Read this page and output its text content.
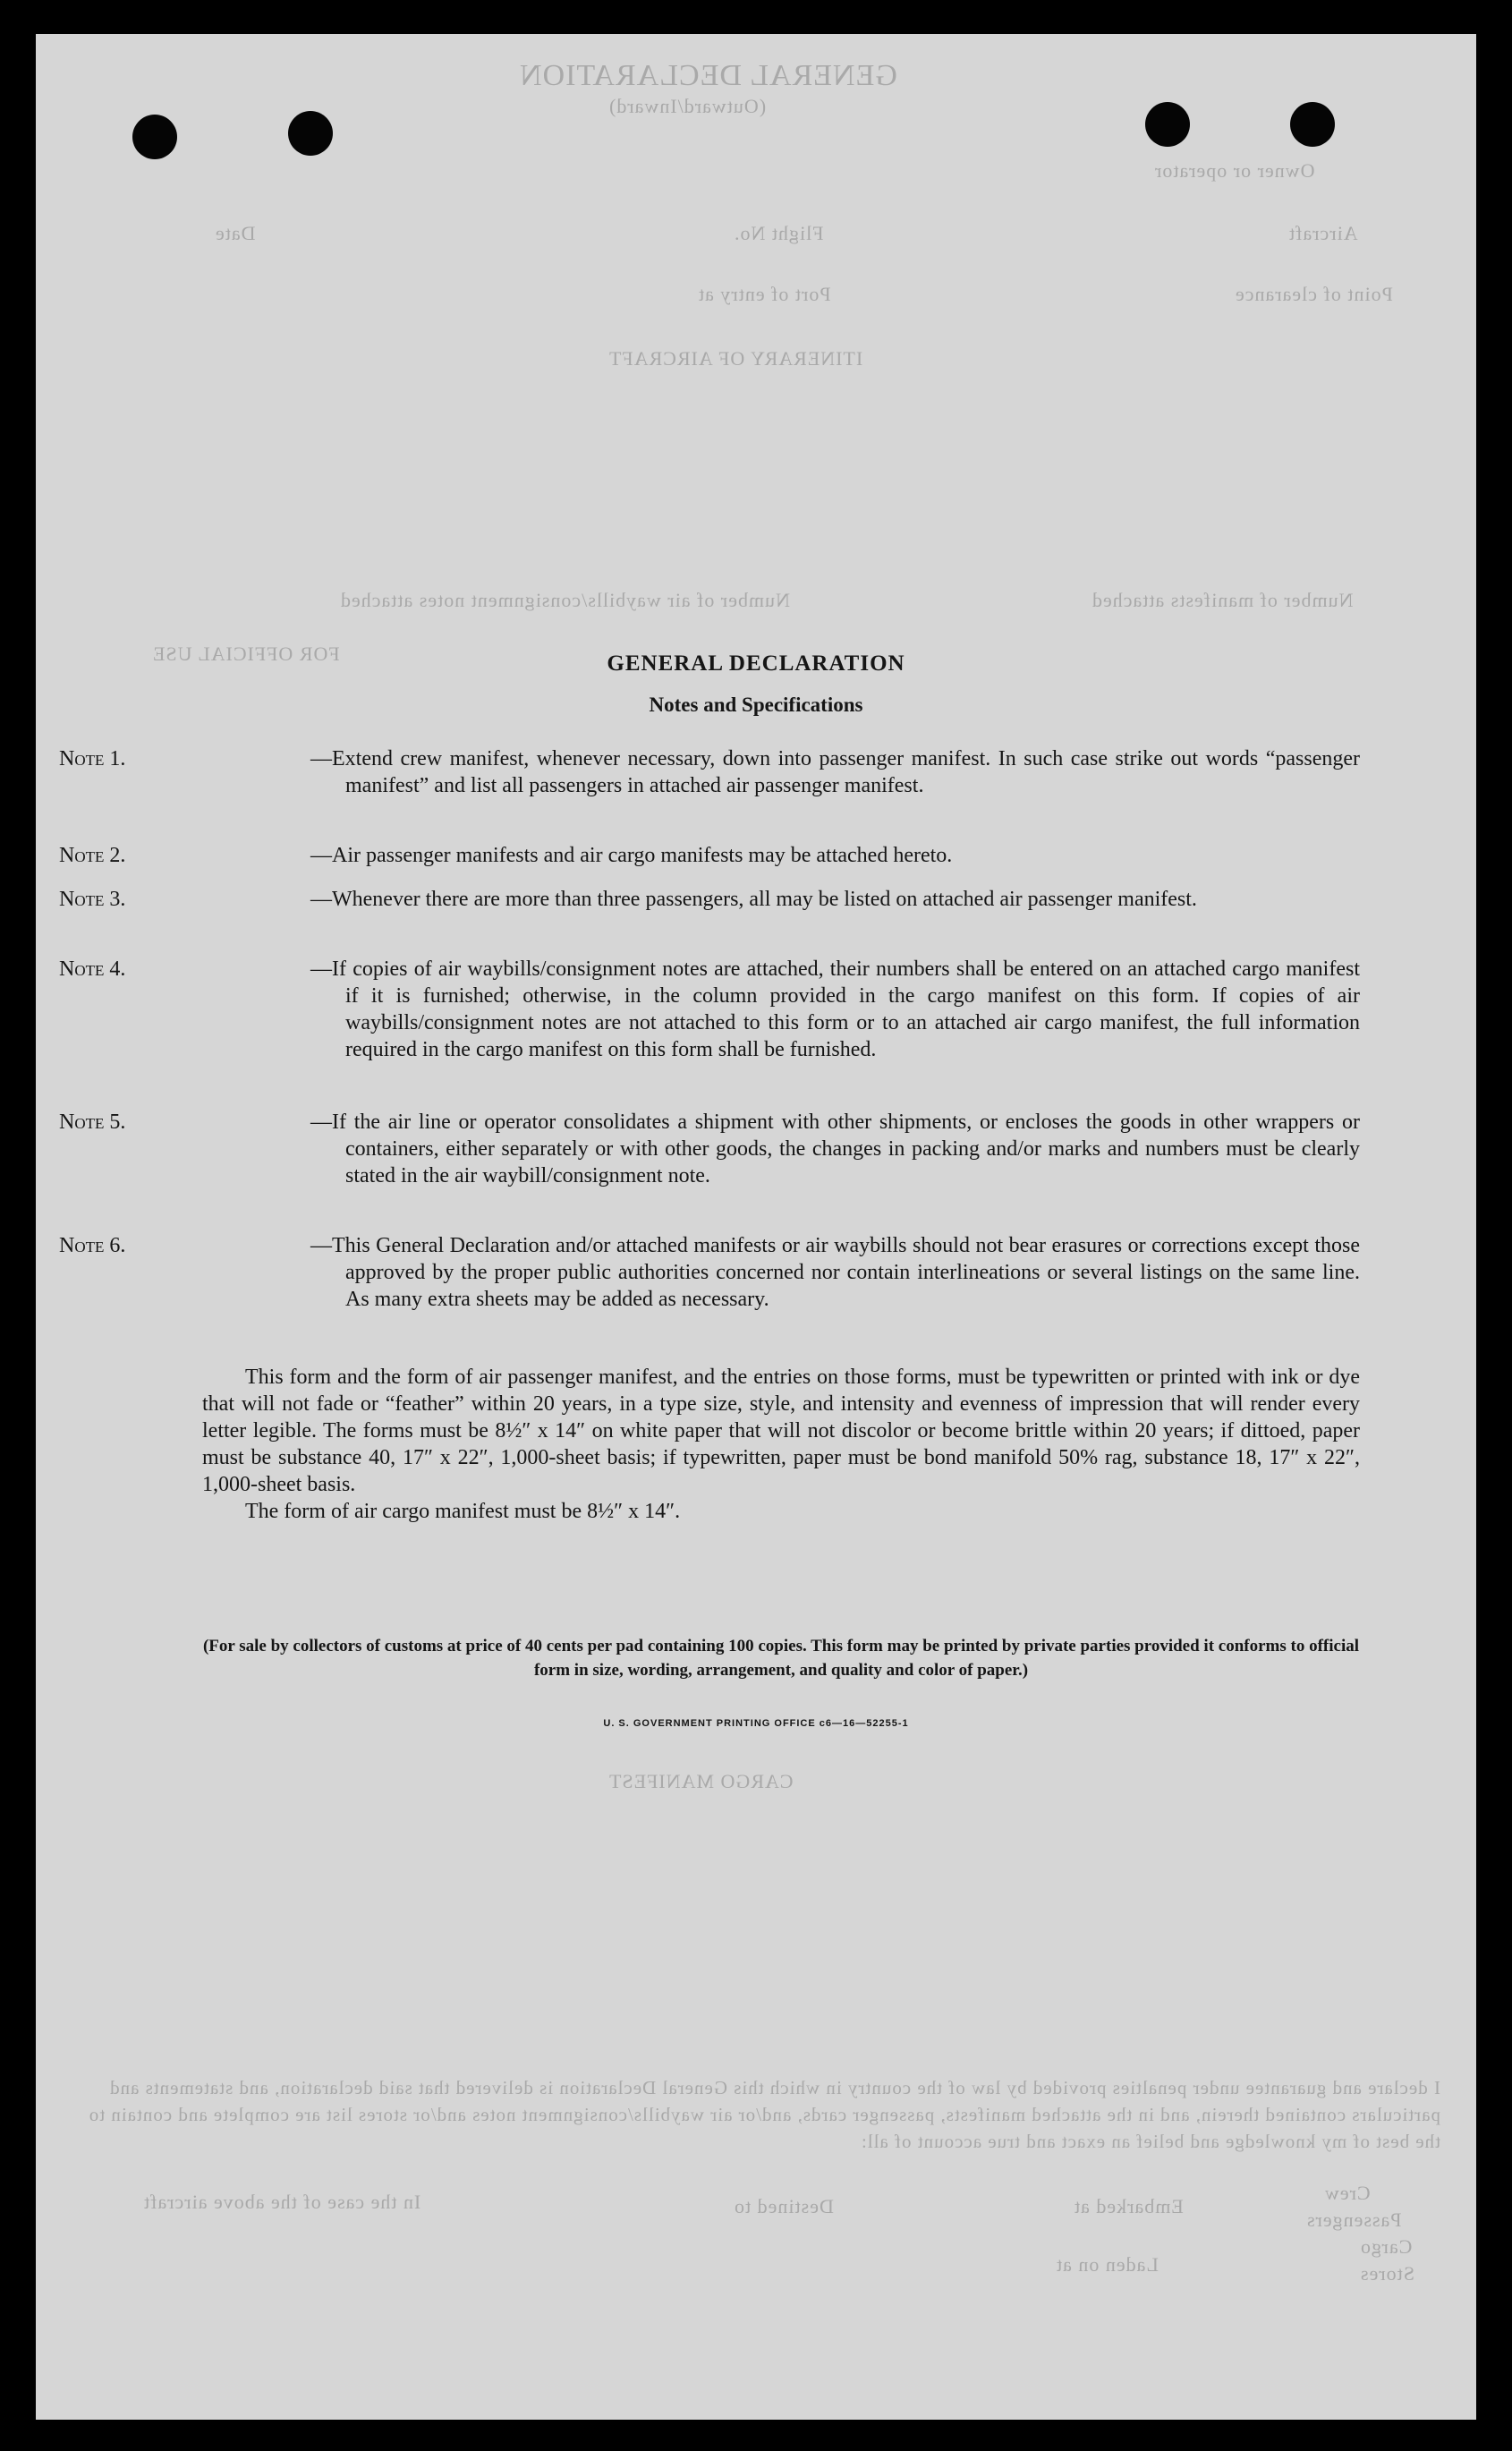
GENERAL DECLARATION
(Outward/Inward)
Owner or operator
Aircraft
Flight No.
Date
Point of clearance
Port of entry at
ITINERARY OF AIRCRAFT
Number of manifests attached
Number of air waybills/consignment notes attached
FOR OFFICIAL USE
CARGO MANIFEST
I declare and guarantee under penalties provided by law of the country in which this General Declaration is delivered that said declaration, and statements and particulars contained therein, and in the attached manifests, passenger cards, and/or air waybills/consignment notes and/or stores list are complete and contain to the best of my knowledge and belief an exact and true account of all:
Crew
Passengers
Cargo
Stores
Embarked at
Destined to
Laden on at
In the case of the above aircraft
GENERAL DECLARATION
Notes and Specifications
Note 1.	—Extend crew manifest, whenever necessary, down into passenger manifest. In such case strike out words “passenger manifest” and list all passengers in attached air passenger manifest.
Note 2.	—Air passenger manifests and air cargo manifests may be attached hereto.
Note 3.	—Whenever there are more than three passengers, all may be listed on attached air passenger manifest.
Note 4.	—If copies of air waybills/consignment notes are attached, their numbers shall be entered on an attached cargo manifest if it is furnished; otherwise, in the column provided in the cargo manifest on this form. If copies of air waybills/consignment notes are not attached to this form or to an attached air cargo manifest, the full information required in the cargo manifest on this form shall be furnished.
Note 5.	—If the air line or operator consolidates a shipment with other shipments, or encloses the goods in other wrappers or containers, either separately or with other goods, the changes in packing and/or marks and numbers must be clearly stated in the air waybill/consignment note.
Note 6.	—This General Declaration and/or attached manifests or air waybills should not bear erasures or corrections except those approved by the proper public authorities concerned nor contain interlineations or several listings on the same line. As many extra sheets may be added as necessary.

This form and the form of air passenger manifest, and the entries on those forms, must be typewritten or printed with ink or dye that will not fade or “feather” within 20 years, in a type size, style, and intensity and evenness of impression that will render every letter legible. The forms must be 8½″ x 14″ on white paper that will not discolor or become brittle within 20 years; if dittoed, paper must be substance 40, 17″ x 22″, 1,000-sheet basis; if typewritten, paper must be bond manifold 50% rag, substance 18, 17″ x 22″, 1,000-sheet basis.

The form of air cargo manifest must be 8½″ x 14″.

(For sale by collectors of customs at price of 40 cents per pad containing 100 copies. This form may be printed by private parties provided it conforms to official form in size, wording, arrangement, and quality and color of paper.)
U. S. GOVERNMENT PRINTING OFFICE c6—16—52255-1
